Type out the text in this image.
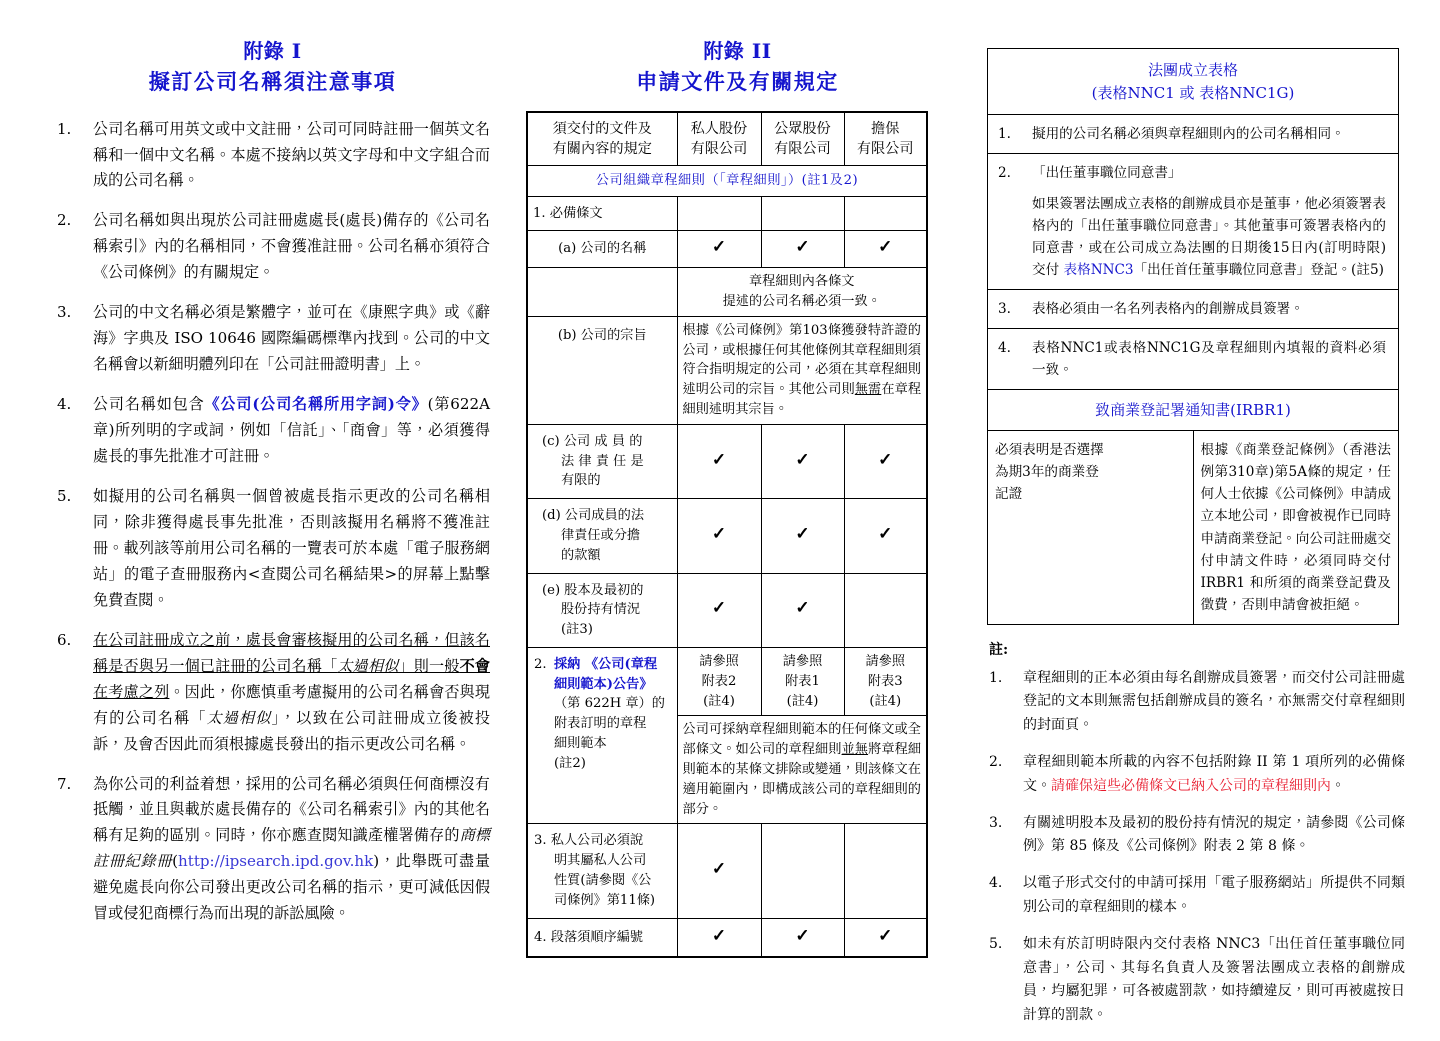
附錄 I
擬訂公司名稱須注意事項
1.	公司名稱可用英文或中文註冊，公司可同時註冊一個英文名稱和一個中文名稱。本處不接納以英文字母和中文字組合而成的公司名稱。
2.	公司名稱如與出現於公司註冊處處長(處長)備存的《公司名稱索引》內的名稱相同，不會獲准註冊。公司名稱亦須符合《公司條例》的有關規定。
3.	公司的中文名稱必須是繁體字，並可在《康熙字典》或《辭海》字典及 ISO 10646 國際編碼標準內找到。公司的中文名稱會以新細明體列印在「公司註冊證明書」上。
4.	公司名稱如包含《公司(公司名稱所用字詞)令》(第622A章)所列明的字或詞，例如「信託」、「商會」等，必須獲得處長的事先批准才可註冊。
5.	如擬用的公司名稱與一個曾被處長指示更改的公司名稱相同，除非獲得處長事先批准，否則該擬用名稱將不獲准註冊。載列該等前用公司名稱的一覽表可於本處「電子服務網站」的電子查冊服務內<查閱公司名稱結果>的屏幕上點擊免費查閱。
6.	在公司註冊成立之前，處長會審核擬用的公司名稱，但該名稱是否與另一個已註冊的公司名稱「太過相似」則一般不會在考慮之列。因此，你應慎重考慮擬用的公司名稱會否與現有的公司名稱「太過相似」，以致在公司註冊成立後被投訴，及會否因此而須根據處長發出的指示更改公司名稱。
7.	為你公司的利益着想，採用的公司名稱必須與任何商標沒有抵觸，並且與載於處長備存的《公司名稱索引》內的其他名稱有足夠的區別。同時，你亦應查閱知識產權署備存的商標註冊紀錄冊(http://ipsearch.ipd.gov.hk)，此舉既可盡量避免處長向你公司發出更改公司名稱的指示，更可減低因假冒或侵犯商標行為而出現的訴訟風險。
附錄 II
申請文件及有關規定
須交付的文件及
有關內容的規定	私人股份
有限公司	公眾股份
有限公司	擔保
有限公司
公司組織章程細則（「章程細則」）(註1及2)			
1. 必備條文			
(a) 公司的名稱	✓	✓	✓
	章程細則內各條文
提述的公司名稱必須一致。		
(b) 公司的宗旨	根據《公司條例》第103條獲發特許證的公司，或根據任何其他條例其章程細則須符合指明規定的公司，必須在其章程細則述明公司的宗旨。其他公司則無需在章程細則述明其宗旨。		

(c) 公司 成 員 的
法 律 責 任 是
有限的	✓	✓	✓

(d) 公司成員的法
律責任或分擔
的款額	✓	✓	✓

(e) 股本及最初的
股份持有情況
(註3)	✓	✓	

2. 採納 《公司(章程
細則範本)公告》
（第 622H 章）的
附表訂明的章程
細則範本
(註2)
	請參照
附表2
(註4)	請參照
附表1
(註4)	請參照
附表3
(註4)
	公司可採納章程細則範本的任何條文或全部條文。如公司的章程細則並無將章程細則範本的某條文排除或變通，則該條文在適用範圍內，即構成該公司的章程細則的部分。		

3. 私人公司必須說
明其屬私人公司
性質(請參閱《公
司條例》第11條)	✓		
4. 段落須順序編號	✓	✓	✓
法團成立表格
(表格NNC1 或 表格NNC1G)
1. 擬用的公司名稱必須與章程細則內的公司名稱相同。
2. 「出任董事職位同意書」
如果簽署法團成立表格的創辦成員亦是董事，他必須簽署表格內的「出任董事職位同意書」。其他董事可簽署表格內的同意書，或在公司成立為法團的日期後15日內(訂明時限)交付 表格NNC3「出任首任董事職位同意書」登記。(註5)

3. 表格必須由一名名列表格內的創辦成員簽署。
4. 表格NNC1或表格NNC1G及章程細則內填報的資料必須一致。
致商業登記署通知書(IRBR1)
必須表明是否選擇 為期3年的商業登 記證	根據《商業登記條例》（香港法例第310章)第5A條的規定，任何人士依據《公司條例》申請成立本地公司，即會被視作已同時申請商業登記。向公司註冊處交付申請文件時，必須同時交付IRBR1 和所須的商業登記費及徵費，否則申請會被拒絕。
註:
1.	章程細則的正本必須由每名創辦成員簽署，而交付公司註冊處登記的文本則無需包括創辦成員的簽名，亦無需交付章程細則的封面頁。
2.	章程細則範本所載的內容不包括附錄 II 第 1 項所列的必備條文。請確保這些必備條文已納入公司的章程細則內。
3.	有關述明股本及最初的股份持有情況的規定，請參閱《公司條例》第 85 條及《公司條例》附表 2 第 8 條。
4.	以電子形式交付的申請可採用「電子服務網站」所提供不同類別公司的章程細則的樣本。
5.	如未有於訂明時限內交付表格 NNC3「出任首任董事職位同意書」，公司、其每名負責人及簽署法團成立表格的創辦成員，均屬犯罪，可各被處罰款，如持續違反，則可再被處按日計算的罰款。
